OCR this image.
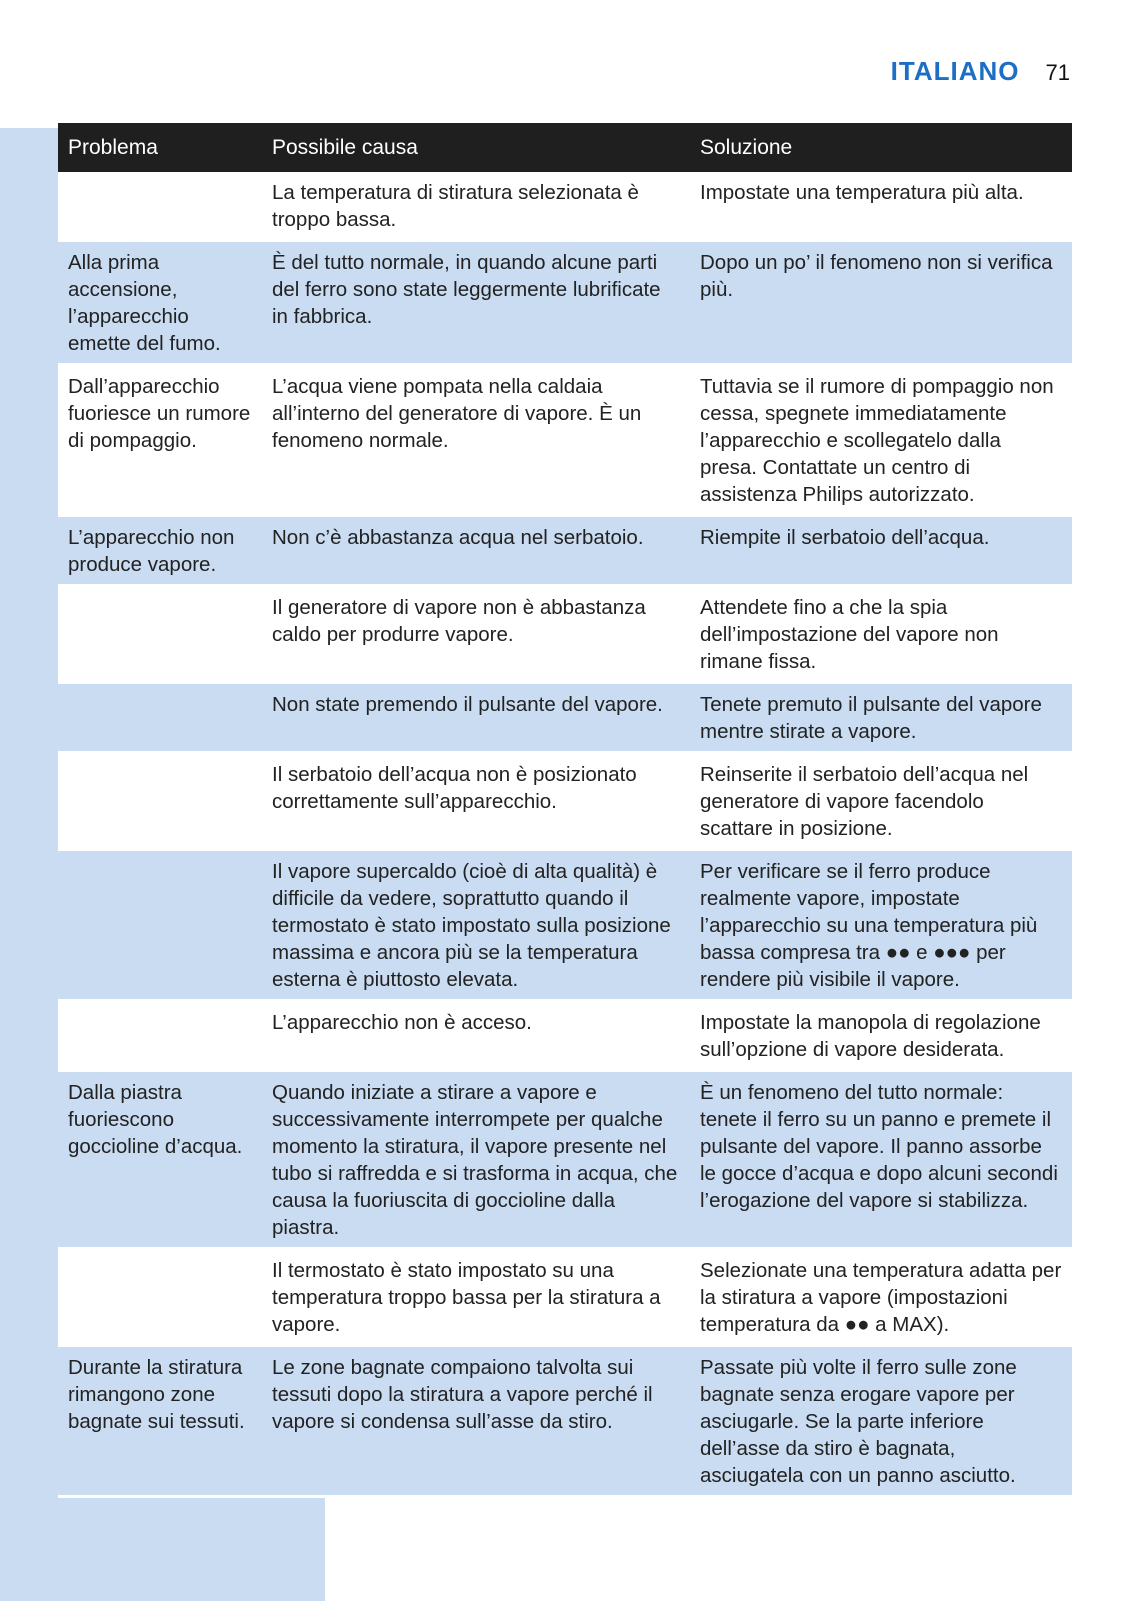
ITALIANO 71
Problema	Possibile causa	Soluzione
	La temperatura di stiratura selezionata è troppo bassa.	Impostate una temperatura più alta.
Alla prima accensione, l’apparecchio emette del fumo.	È del tutto normale, in quando alcune parti del ferro sono state leggermente lubrificate in fabbrica.	Dopo un po’ il fenomeno non si verifica più.
Dall’apparecchio fuoriesce un rumore di pompaggio.	L’acqua viene pompata nella caldaia all’interno del generatore di vapore. È un fenomeno normale.	Tuttavia se il rumore di pompaggio non cessa, spegnete immediatamente l’apparecchio e scollegatelo dalla presa. Contattate un centro di assistenza Philips autorizzato.
L’apparecchio non produce vapore.	Non c’è abbastanza acqua nel serbatoio.	Riempite il serbatoio dell’acqua.
	Il generatore di vapore non è abbastanza caldo per produrre vapore.	Attendete fino a che la spia dell’impostazione del vapore non rimane fissa.
	Non state premendo il pulsante del vapore.	Tenete premuto il pulsante del vapore mentre stirate a vapore.
	Il serbatoio dell’acqua non è posizionato correttamente sull’apparecchio.	Reinserite il serbatoio dell’acqua nel generatore di vapore facendolo scattare in posizione.
	Il vapore supercaldo (cioè di alta qualità) è difficile da vedere, soprattutto quando il termostato è stato impostato sulla posizione massima e ancora più se la temperatura esterna è piuttosto elevata.	Per verificare se il ferro produce realmente vapore, impostate l’apparecchio su una temperatura più bassa compresa tra ●● e ●●● per rendere più visibile il vapore.
	L’apparecchio non è acceso.	Impostate la manopola di regolazione sull’opzione di vapore desiderata.
Dalla piastra fuoriescono goccioline d’acqua.	Quando iniziate a stirare a vapore e successivamente interrompete per qualche momento la stiratura, il vapore presente nel tubo si raffredda e si trasforma in acqua, che causa la fuoriuscita di goccioline dalla piastra.	È un fenomeno del tutto normale: tenete il ferro su un panno e premete il pulsante del vapore. Il panno assorbe le gocce d’acqua e dopo alcuni secondi l’erogazione del vapore si stabilizza.
	Il termostato è stato impostato su una temperatura troppo bassa per la stiratura a vapore.	Selezionate una temperatura adatta per la stiratura a vapore (impostazioni temperatura da ●● a MAX).
Durante la stiratura rimangono zone bagnate sui tessuti.	Le zone bagnate compaiono talvolta sui tessuti dopo la stiratura a vapore perché il vapore si condensa sull’asse da stiro.	Passate più volte il ferro sulle zone bagnate senza erogare vapore per asciugarle. Se la parte inferiore dell’asse da stiro è bagnata, asciugatela con un panno asciutto.
